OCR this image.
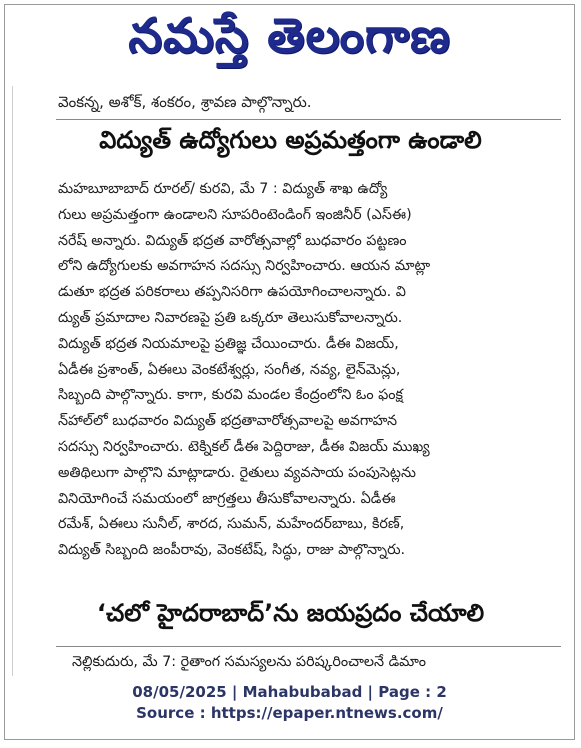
నమస్తే తెలంగాణ
వెంకన్న, అశోక్, శంకరం, శ్రావణ పాల్గొన్నారు.
విద్యుత్ ఉద్యోగులు అప్రమత్తంగా ఉండాలి
మహబూబాబాద్ రూరల్/ కురవి, మే 7 : విద్యుత్ శాఖ ఉద్యో
గులు అప్రమత్తంగా ఉండాలని సూపరింటెండింగ్ ఇంజినీర్ (ఎస్ఈ)
నరేష్ అన్నారు. విద్యుత్ భద్రత వారోత్సవాల్లో బుధవారం పట్టణం
లోని ఉద్యోగులకు అవగాహన సదస్సు నిర్వహించారు. ఆయన మాట్లా
డుతూ భద్రత పరికరాలు తప్పనిసరిగా ఉపయోగించాలన్నారు. వి
ద్యుత్ ప్రమాదాల నివారణపై ప్రతి ఒక్కరూ తెలుసుకోవాలన్నారు.
విద్యుత్ భద్రత నియమాలపై ప్రతిజ్ఞ చేయించారు. డీఈ విజయ్,
ఏడీఈ ప్రశాంత్, ఏఈలు వెంకటేశ్వర్లు, సంగీత, నవ్య, లైన్‌మెన్లు,
సిబ్బంది పాల్గొన్నారు. కాగా, కురవి మండల కేంద్రంలోని ఓం ఫంక్ష
న్‌హాల్‌లో బుధవారం విద్యుత్ భద్రతావారోత్సవాలపై అవగాహన
సదస్సు నిర్వహించారు. టెక్నికల్ డీఈ పెద్దిరాజు, డీఈ విజయ్ ముఖ్య
అతిథిలుగా పాల్గొని మాట్లాడారు. రైతులు వ్యవసాయ పంపుసెట్లను
వినియోగించే సమయంలో జాగ్రత్తలు తీసుకోవాలన్నారు. ఏడీఈ
రమేశ్, ఏఈలు సునీల్, శారద, సుమన్, మహేందర్‌బాబు, కిరణ్,
విద్యుత్ సిబ్బంది జంపీరావు, వెంకటేష్, సిద్ధు, రాజు పాల్గొన్నారు.
‘చలో హైదరాబాద్’ను జయప్రదం చేయాలి
నెల్లికుదురు, మే 7: రైతాంగ సమస్యలను పరిష్కరించాలనే డిమాం
08/05/2025 | Mahabubabad | Page : 2
Source : https://epaper.ntnews.com/
